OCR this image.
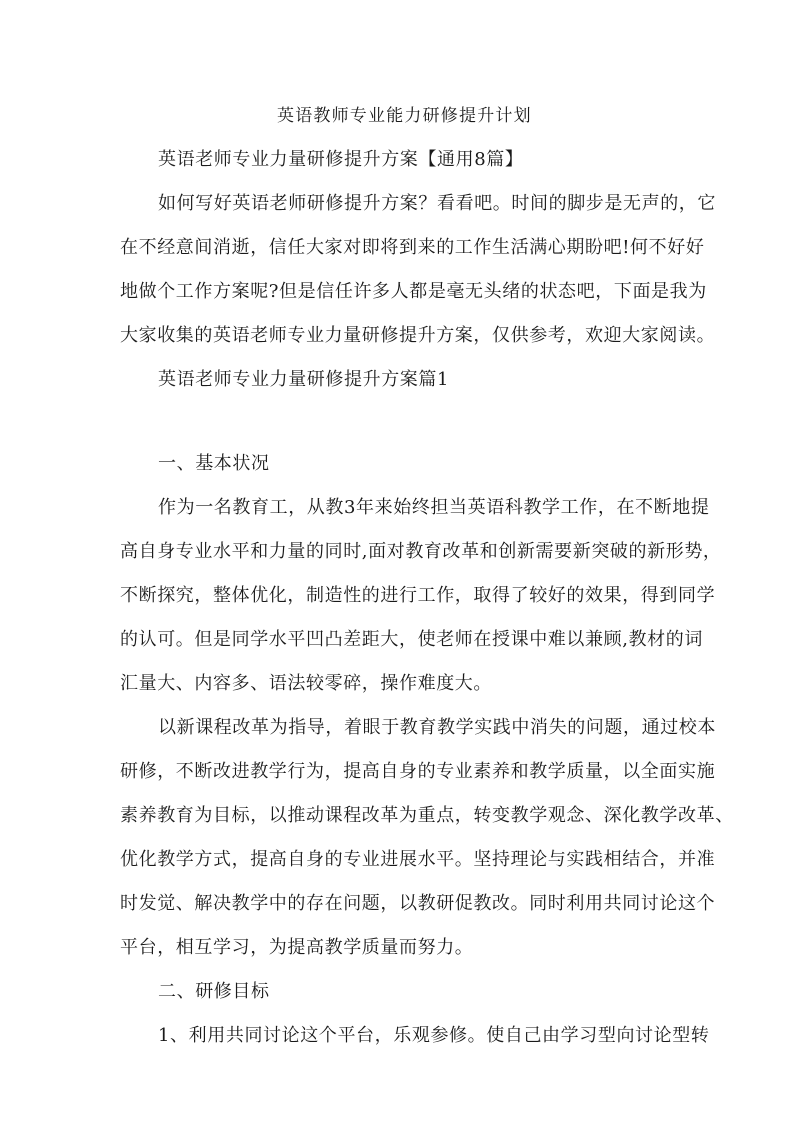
英语教师专业能力研修提升计划
英语老师专业力量研修提升方案【通用8篇】
如何写好英语老师研修提升方案？看看吧。时间的脚步是无声的，它
在不经意间消逝，信任大家对即将到来的工作生活满心期盼吧!何不好好
地做个工作方案呢?但是信任许多人都是毫无头绪的状态吧，下面是我为
大家收集的英语老师专业力量研修提升方案，仅供参考，欢迎大家阅读。
英语老师专业力量研修提升方案篇1
一、基本状况
作为一名教育工，从教3年来始终担当英语科教学工作，在不断地提
高自身专业水平和力量的同时,面对教育改革和创新需要新突破的新形势，
不断探究，整体优化，制造性的进行工作，取得了较好的效果，得到同学
的认可。但是同学水平凹凸差距大，使老师在授课中难以兼顾,教材的词
汇量大、内容多、语法较零碎，操作难度大。
以新课程改革为指导，着眼于教育教学实践中消失的问题，通过校本
研修，不断改进教学行为，提高自身的专业素养和教学质量，以全面实施
素养教育为目标，以推动课程改革为重点，转变教学观念、深化教学改革、
优化教学方式，提高自身的专业进展水平。坚持理论与实践相结合，并准
时发觉、解决教学中的存在问题，以教研促教改。同时利用共同讨论这个
平台，相互学习，为提高教学质量而努力。
二、研修目标
1、利用共同讨论这个平台，乐观参修。使自己由学习型向讨论型转
